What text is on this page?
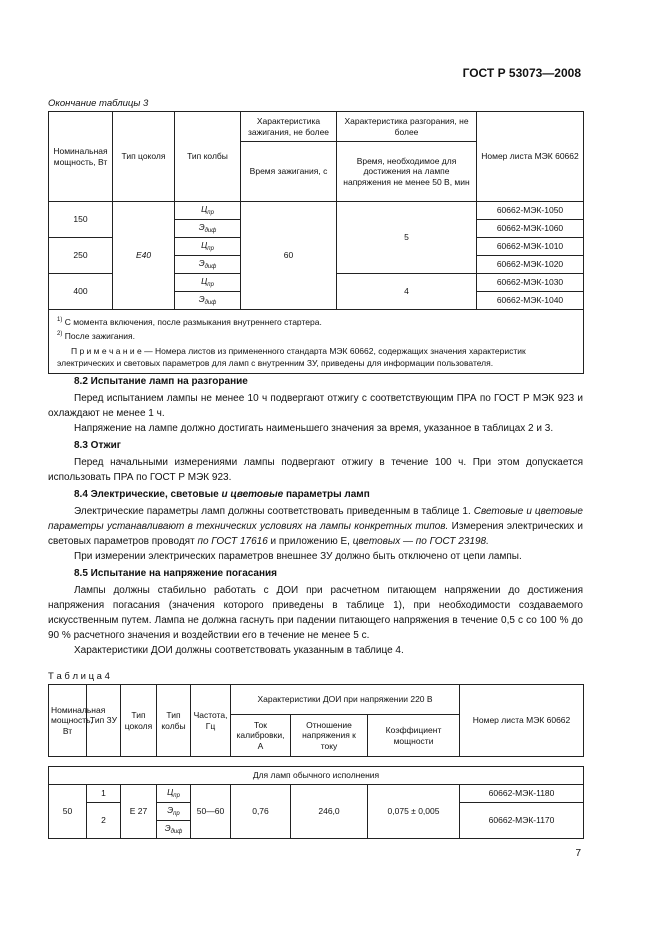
ГОСТ Р 53073—2008
Окончание таблицы 3
Номинальная мощность, Вт	Тип цоколя	Тип колбы	Характеристика зажигания, не более	Характеристика разгорания, не более	Номер листа МЭК 60662
			Время зажигания, с	Время, необходимое для достижения на лампе напряжения не менее 50 В, мин	
150	Е40	$Ц_{пр}$	60	5	60662-МЭК-1050
		$Э_{диф}$			60662-МЭК-1060
250		$Ц_{пр}$			60662-МЭК-1010
		$Э_{диф}$			60662-МЭК-1020
400		$Ц_{пр}$		4	60662-МЭК-1030
		$Э_{диф}$			60662-МЭК-1040

$^{1)}$ С момента включения, после размыкания внутреннего стартера.
$^{2)}$ После зажигания.
П р и м е ч а н и е — Номера листов из примененного стандарта МЭК 60662, содержащих значения характеристик электрических и световых параметров для ламп с внутренним ЗУ, приведены для информации пользователя.					
8.2 Испытание ламп на разгорание

Перед испытанием лампы не менее 10 ч подвергают отжигу с соответствующим ПРА по ГОСТ Р МЭК 923 и охлаждают не менее 1 ч.

Напряжение на лампе должно достигать наименьшего значения за время, указанное в таблицах 2 и 3.

8.3 Отжиг

Перед начальными измерениями лампы подвергают отжигу в течение 100 ч. При этом допускается использовать ПРА по ГОСТ Р МЭК 923.

8.4 Электрические, световые и цветовые параметры ламп

Электрические параметры ламп должны соответствовать приведенным в таблице 1. Световые и цветовые параметры устанавливают в технических условиях на лампы конкретных типов. Измерения электрических и световых параметров проводят по ГОСТ 17616 и приложению Е, цветовых — по ГОСТ 23198.

При измерении электрических параметров внешнее ЗУ должно быть отключено от цепи лампы.

8.5 Испытание на напряжение погасания

Лампы должны стабильно работать с ДОИ при расчетном питающем напряжении до достижения напряжения погасания (значения которого приведены в таблице 1), при необходимости создаваемого искусственным путем. Лампа не должна гаснуть при падении питающего напряжения в течение 0,5 с со 100 % до 90 % расчетного значения и воздействии его в течение не менее 5 с.

Характеристики ДОИ должны соответствовать указанным в таблице 4.

Т а б л и ц а 4
Номинальная мощность, Вт	Тип ЗУ	Тип цоколя	Тип колбы	Частота, Гц	Характеристики ДОИ при напряжении 220 В			Номер листа МЭК 60662
					Ток калибровки, А	Отношение напряжения к току	Коэффициент мощности	

Для ламп обычного исполнения								
50	1	Е 27	$Ц_{пр}$	50—60	0,76	246,0	0,075 ± 0,005	60662-МЭК-1180
	2		$Э_{пр}$					60662-МЭК-1170
			$Э_{диф}$
7
